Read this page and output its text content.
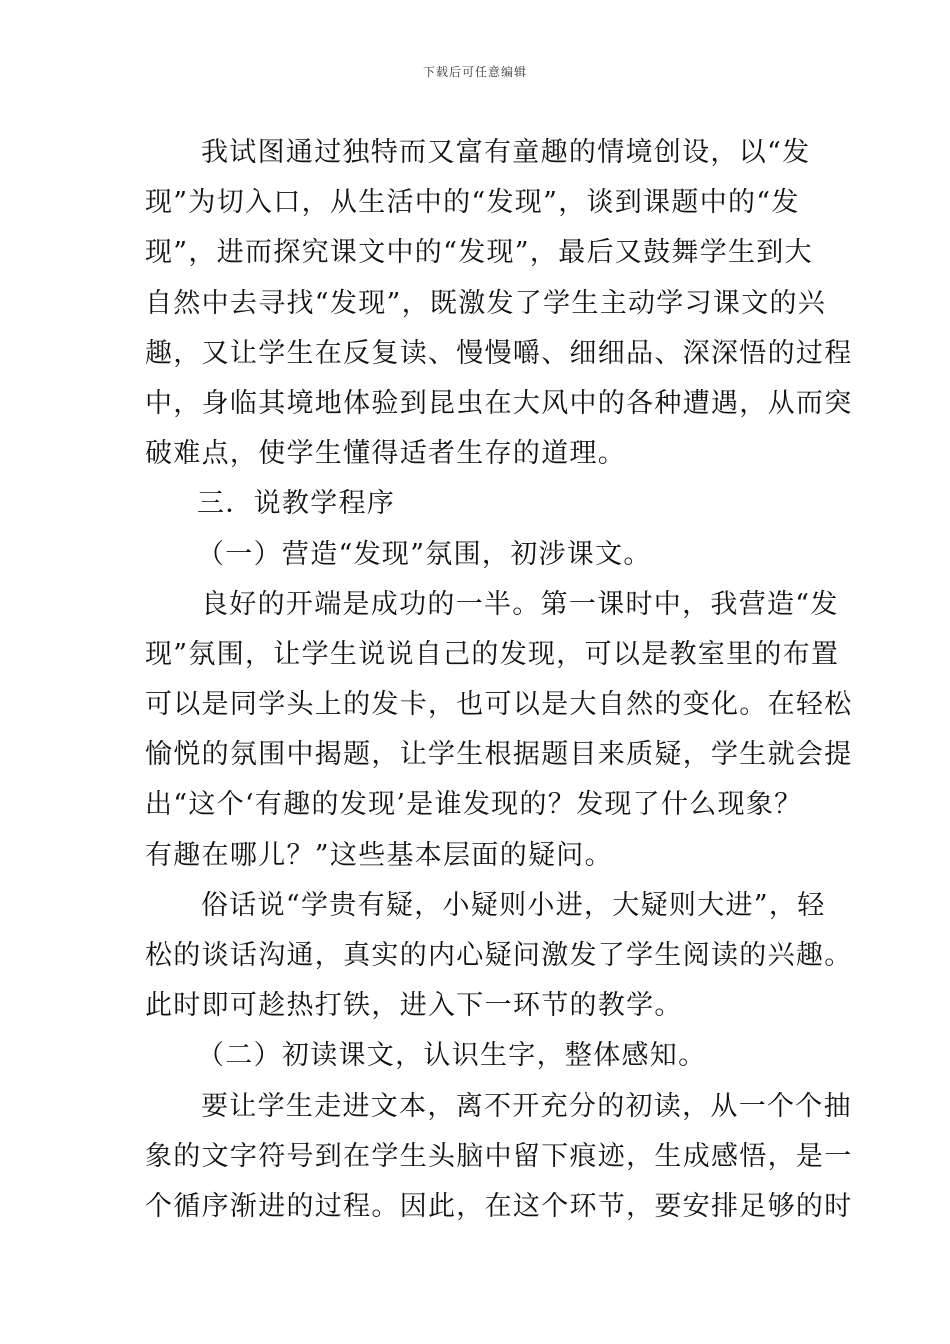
下载后可任意编辑
我试图通过独特而又富有童趣的情境创设，以“发
现”为切入口，从生活中的“发现”，谈到课题中的“发
现”，进而探究课文中的“发现”，最后又鼓舞学生到大
自然中去寻找“发现”，既激发了学生主动学习课文的兴
趣，又让学生在反复读、慢慢嚼、细细品、深深悟的过程
中，身临其境地体验到昆虫在大风中的各种遭遇，从而突
破难点，使学生懂得适者生存的道理。
三．说教学程序
（一）营造“发现”氛围，初涉课文。
良好的开端是成功的一半。第一课时中，我营造“发
现”氛围，让学生说说自己的发现，可以是教室里的布置
可以是同学头上的发卡，也可以是大自然的变化。在轻松
愉悦的氛围中揭题，让学生根据题目来质疑，学生就会提
出“这个‘有趣的发现’是谁发现的？发现了什么现象？
有趣在哪儿？”这些基本层面的疑问。
俗话说“学贵有疑，小疑则小进，大疑则大进”，轻
松的谈话沟通，真实的内心疑问激发了学生阅读的兴趣。
此时即可趁热打铁，进入下一环节的教学。
（二）初读课文，认识生字，整体感知。
要让学生走进文本，离不开充分的初读，从一个个抽
象的文字符号到在学生头脑中留下痕迹，生成感悟，是一
个循序渐进的过程。因此，在这个环节，要安排足够的时
